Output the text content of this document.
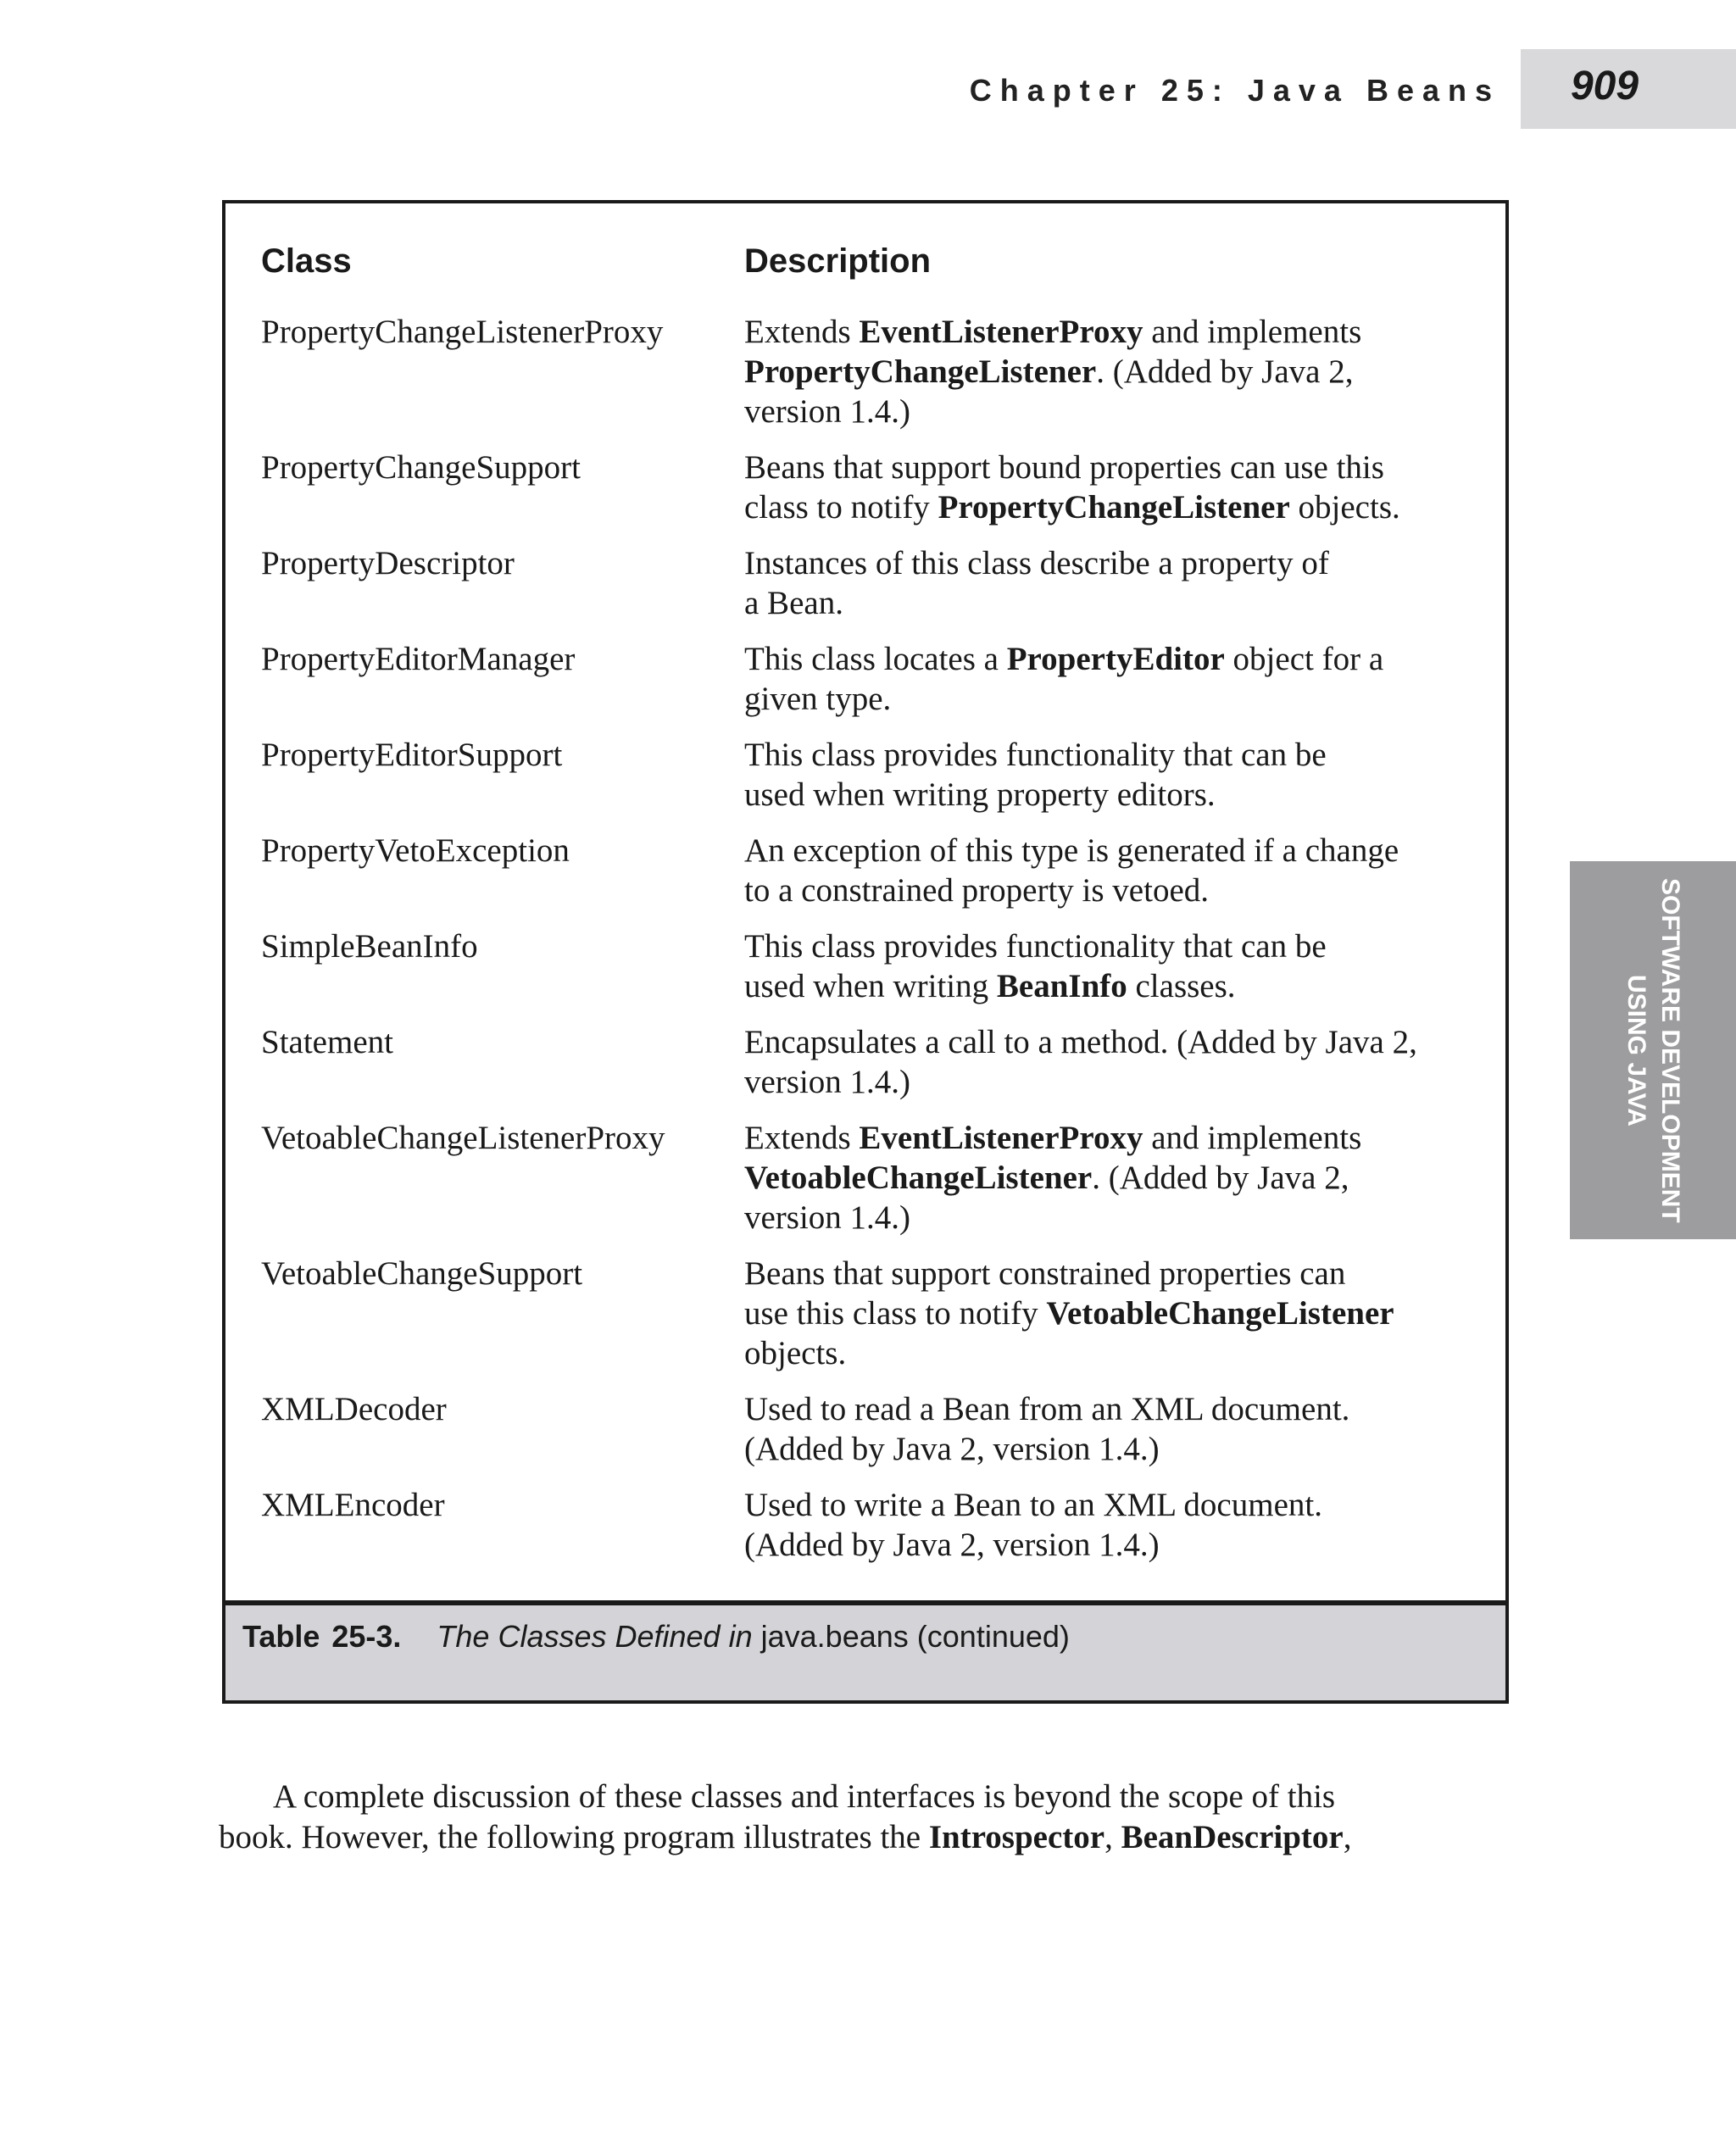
Chapter 25: Java Beans	909
Class	Description
PropertyChangeListenerProxy	Extends EventListenerProxy and implements
PropertyChangeListener. (Added by Java 2,
version 1.4.)
PropertyChangeSupport	Beans that support bound properties can use this
class to notify PropertyChangeListener objects.
PropertyDescriptor	Instances of this class describe a property of
a Bean.
PropertyEditorManager	This class locates a PropertyEditor object for a
given type.
PropertyEditorSupport	This class provides functionality that can be
used when writing property editors.
PropertyVetoException	An exception of this type is generated if a change
to a constrained property is vetoed.
SimpleBeanInfo	This class provides functionality that can be
used when writing BeanInfo classes.
Statement	Encapsulates a call to a method. (Added by Java 2,
version 1.4.)
VetoableChangeListenerProxy	Extends EventListenerProxy and implements
VetoableChangeListener. (Added by Java 2,
version 1.4.)
VetoableChangeSupport	Beans that support constrained properties can
use this class to notify VetoableChangeListener
objects.
XMLDecoder	Used to read a Bean from an XML document.
(Added by Java 2, version 1.4.)
XMLEncoder	Used to write a Bean to an XML document.
(Added by Java 2, version 1.4.)
Table 25-3. The Classes Defined in java.beans (continued)
SOFTWARE DEVELOPMENT
USING JAVA

A complete discussion of these classes and interfaces is beyond the scope of this
book. However, the following program illustrates the Introspector, BeanDescriptor,
